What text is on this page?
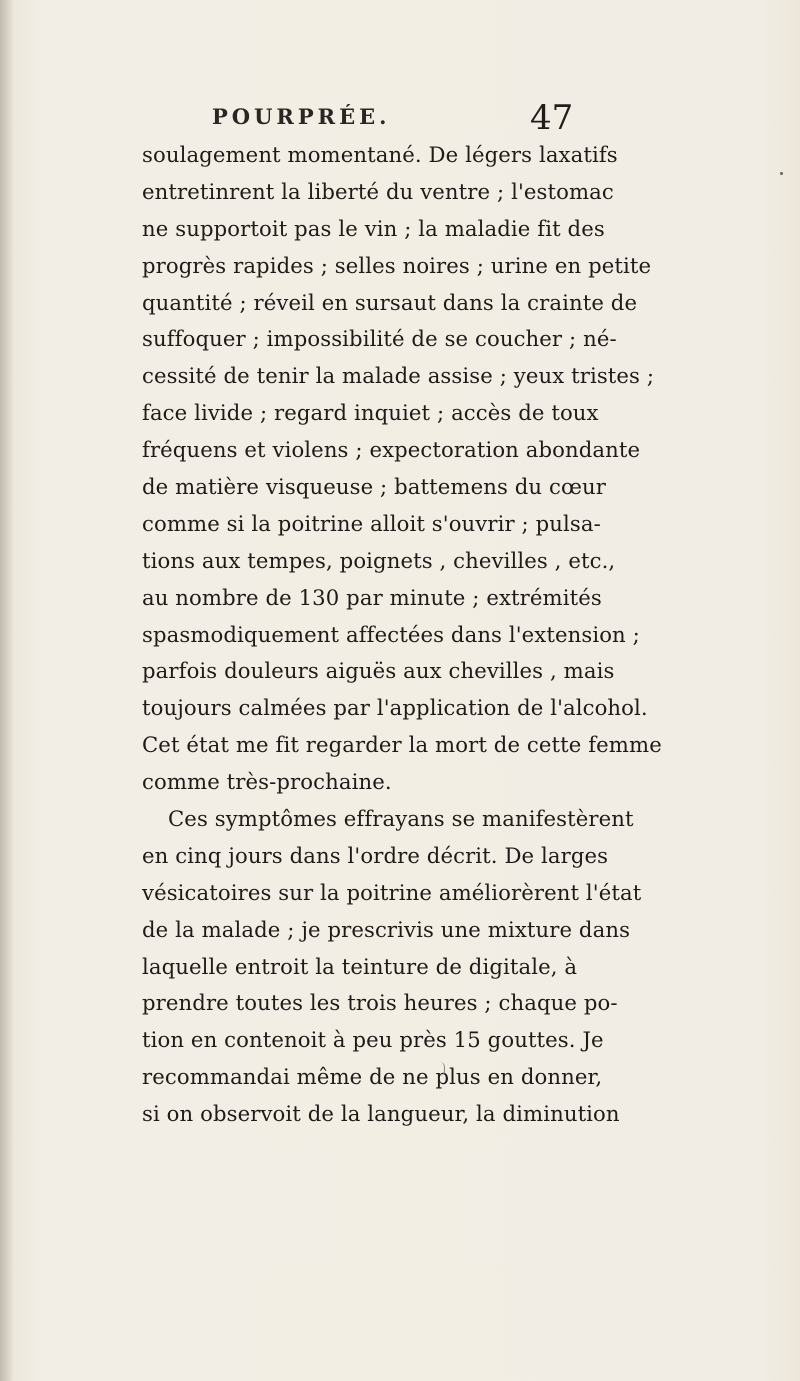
POURPRÉE.	47
soulagement momentané. De légers laxatifs
entretinrent la liberté du ventre ; l'estomac
ne supportoit pas le vin ; la maladie fit des
progrès rapides ; selles noires ; urine en petite
quantité ; réveil en sursaut dans la crainte de
suffoquer ; impossibilité de se coucher ; né-
cessité de tenir la malade assise ; yeux tristes ;
face livide ; regard inquiet ; accès de toux
fréquens et violens ; expectoration abondante
de matière visqueuse ; battemens du cœur
comme si la poitrine alloit s'ouvrir ; pulsa-
tions aux tempes, poignets , chevilles , etc.,
au nombre de 130 par minute ; extrémités
spasmodiquement affectées dans l'extension ;
parfois douleurs aiguës aux chevilles , mais
toujours calmées par l'application de l'alcohol.
Cet état me fit regarder la mort de cette femme
comme très-prochaine.
Ces symptômes effrayans se manifestèrent
en cinq jours dans l'ordre décrit. De larges
vésicatoires sur la poitrine améliorèrent l'état
de la malade ; je prescrivis une mixture dans
laquelle entroit la teinture de digitale, à
prendre toutes les trois heures ; chaque po-
tion en contenoit à peu près 15 gouttes. Je
recommandai même de ne plus en donner,
si on observoit de la langueur, la diminution
